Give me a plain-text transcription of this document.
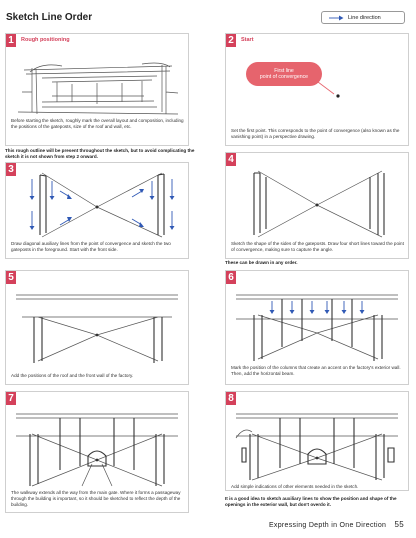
Sketch Line Order	Line direction
1	Rough positioning
Before starting the sketch, roughly mark the overall layout and composition, including the positions of the gateposts, size of the roof and wall, etc.
This rough outline will be present throughout the sketch, but to avoid complicating the sketch it is not shown from step 2 onward.
2	Start
First line
point of convergence
Set the first point. This corresponds to the point of convergence (also known as the vanishing point) in a perspective drawing.
3
Draw diagonal auxiliary lines from the point of convergence and sketch the two gateposts in the foreground. Start with the front side.
4
Sketch the shape of the sides of the gateposts. Draw four short lines toward the point of convergence, making sure to capture the angle.
These can be drawn in any order.
5
Add the positions of the roof and the front wall of the factory.
6
Mark the position of the columns that create an accent on the factory's exterior wall. Then, add the horizontal beam.
7
The walkway extends all the way from the main gate. Where it forms a passageway through the building is important, so it should be sketched to reflect the depth of the building.
8
Add simple indications of other elements needed in the sketch.
It is a good idea to sketch auxiliary lines to show the position and shape of the openings in the exterior wall, but don't overdo it.
Expressing Depth in One Direction 55
